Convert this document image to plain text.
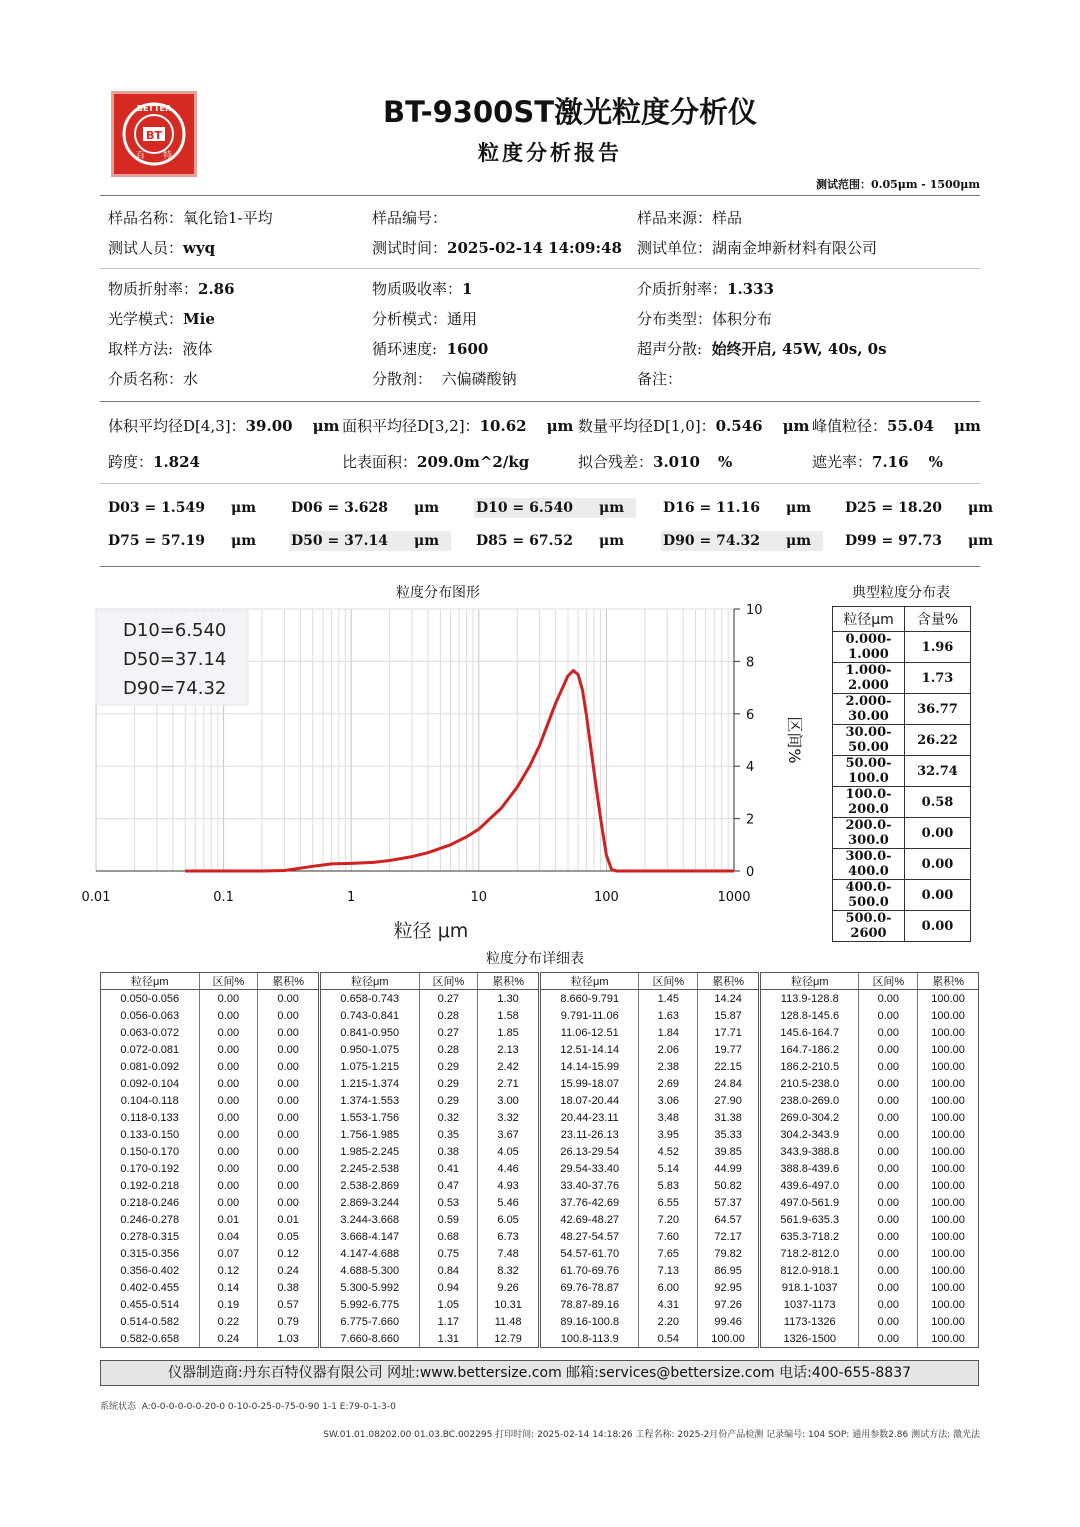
BT
BETTER
百 特
BT-9300ST激光粒度分析仪
粒度分析报告
测试范围：0.05μm - 1500μm
样品名称：氧化铪1-平均	样品编号：	样品来源：样品
测试人员：wyq	测试时间：2025-02-14 14:09:48 测试单位：湖南金坤新材料有限公司
物质折射率：2.86	物质吸收率：1	介质折射率：1.333
光学模式：Mie	分析模式：通用	分布类型：体积分布
取样方法: 液体	循环速度: 1600	超声分散: 始终开启, 45W, 40s, 0s
介质名称：水	分散剂： 六偏磷酸钠	备注：
体积平均径D[4,3]：39.00 μm 面积平均径D[3,2]：10.62 μm 数量平均径D[1,0]：0.546 μm 峰值粒径：55.04 μm
跨度：1.824	比表面积：209.0m^2/kg	拟合残差：3.010 %	遮光率：7.16 %
D03 = 1.549 μm	D06 = 3.628 μm	D10 = 6.540 μm	D16 = 11.16 μm	D25 = 18.20 μm
D75 = 57.19 μm	D50 = 37.14 μm	D85 = 67.52 μm	D90 = 74.32 μm	D99 = 97.73 μm
粒度分布图形
0.01	0.1	1	10	100	1000
0
2
4
6
8
10
区间%
粒径 μm
D10=6.540
D50=37.14
D90=74.32
典型粒度分布表
粒径μm	含量%
0.000-1.000	1.96
1.000-2.000	1.73
2.000-30.00	36.77
30.00-50.00	26.22
50.00-100.0	32.74
100.0-200.0	0.58
200.0-300.0	0.00
300.0-400.0	0.00
400.0-500.0	0.00
500.0-2600	0.00
粒度分布详细表
粒径μm	区间%	累积%
0.050-0.056	0.00	0.00
0.056-0.063	0.00	0.00
0.063-0.072	0.00	0.00
0.072-0.081	0.00	0.00
0.081-0.092	0.00	0.00
0.092-0.104	0.00	0.00
0.104-0.118	0.00	0.00
0.118-0.133	0.00	0.00
0.133-0.150	0.00	0.00
0.150-0.170	0.00	0.00
0.170-0.192	0.00	0.00
0.192-0.218	0.00	0.00
0.218-0.246	0.00	0.00
0.246-0.278	0.01	0.01
0.278-0.315	0.04	0.05
0.315-0.356	0.07	0.12
0.356-0.402	0.12	0.24
0.402-0.455	0.14	0.38
0.455-0.514	0.19	0.57
0.514-0.582	0.22	0.79
0.582-0.658	0.24	1.03
粒径μm	区间%	累积%
0.658-0.743	0.27	1.30
0.743-0.841	0.28	1.58
0.841-0.950	0.27	1.85
0.950-1.075	0.28	2.13
1.075-1.215	0.29	2.42
1.215-1.374	0.29	2.71
1.374-1.553	0.29	3.00
1.553-1.756	0.32	3.32
1.756-1.985	0.35	3.67
1.985-2.245	0.38	4.05
2.245-2.538	0.41	4.46
2.538-2.869	0.47	4.93
2.869-3.244	0.53	5.46
3.244-3.668	0.59	6.05
3.668-4.147	0.68	6.73
4.147-4.688	0.75	7.48
4.688-5.300	0.84	8.32
5.300-5.992	0.94	9.26
5.992-6.775	1.05	10.31
6.775-7.660	1.17	11.48
7.660-8.660	1.31	12.79
粒径μm	区间%	累积%
8.660-9.791	1.45	14.24
9.791-11.06	1.63	15.87
11.06-12.51	1.84	17.71
12.51-14.14	2.06	19.77
14.14-15.99	2.38	22.15
15.99-18.07	2.69	24.84
18.07-20.44	3.06	27.90
20.44-23.11	3.48	31.38
23.11-26.13	3.95	35.33
26.13-29.54	4.52	39.85
29.54-33.40	5.14	44.99
33.40-37.76	5.83	50.82
37.76-42.69	6.55	57.37
42.69-48.27	7.20	64.57
48.27-54.57	7.60	72.17
54.57-61.70	7.65	79.82
61.70-69.76	7.13	86.95
69.76-78.87	6.00	92.95
78.87-89.16	4.31	97.26
89.16-100.8	2.20	99.46
100.8-113.9	0.54	100.00
粒径μm	区间%	累积%
113.9-128.8	0.00	100.00
128.8-145.6	0.00	100.00
145.6-164.7	0.00	100.00
164.7-186.2	0.00	100.00
186.2-210.5	0.00	100.00
210.5-238.0	0.00	100.00
238.0-269.0	0.00	100.00
269.0-304.2	0.00	100.00
304.2-343.9	0.00	100.00
343.9-388.8	0.00	100.00
388.8-439.6	0.00	100.00
439.6-497.0	0.00	100.00
497.0-561.9	0.00	100.00
561.9-635.3	0.00	100.00
635.3-718.2	0.00	100.00
718.2-812.0	0.00	100.00
812.0-918.1	0.00	100.00
918.1-1037	0.00	100.00
1037-1173	0.00	100.00
1173-1326	0.00	100.00
1326-1500	0.00	100.00
仪器制造商:丹东百特仪器有限公司 网址:www.bettersize.com 邮箱:services@bettersize.com 电话:400-655-8837
系统状态 A:0-0-0-0-0-0-20-0 0-10-0-25-0-75-0-90 1-1 E:79-0-1-3-0
SW.01.01.08202.00 01.03.BC.002295 打印时间: 2025-02-14 14:18:26 工程名称: 2025-2月份产品检测 记录编号: 104 SOP: 通用参数2.86 测试方法: 激光法
